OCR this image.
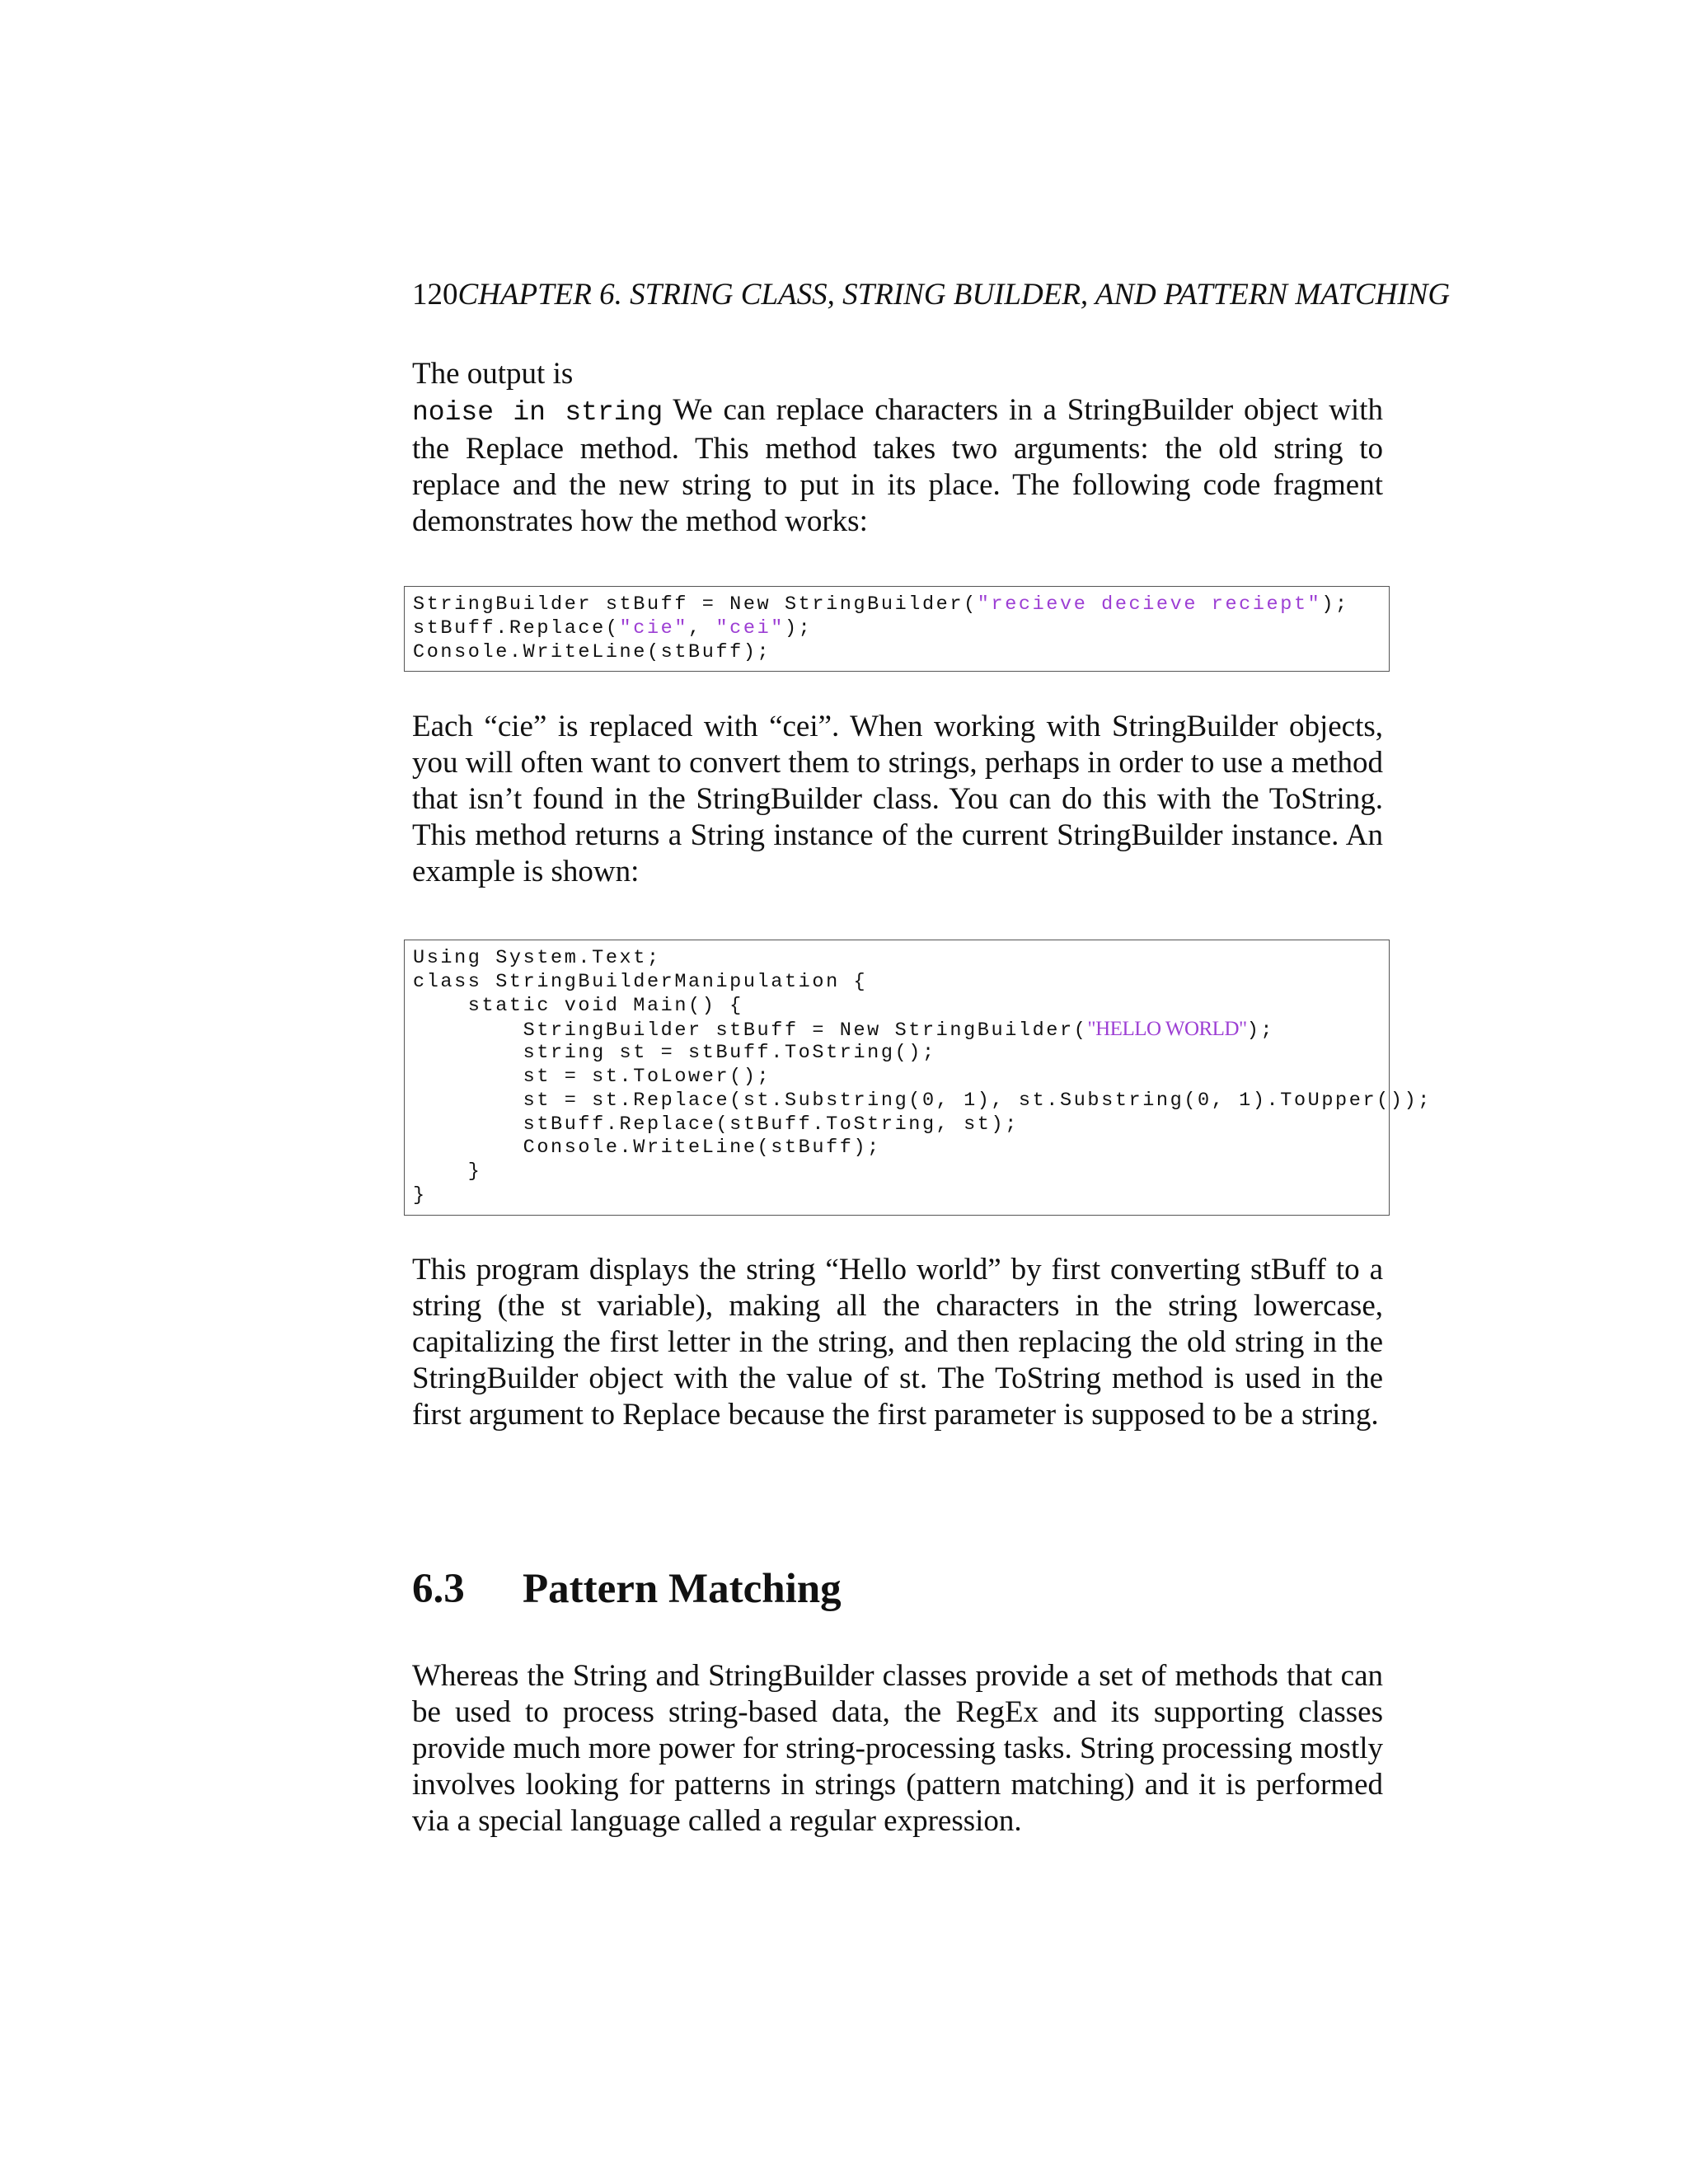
120CHAPTER 6. STRING CLASS, STRING BUILDER, AND PATTERN MATCHING

The output is

noise in string We can replace characters in a StringBuilder object with the Replace method. This method takes two arguments: the old string to replace and the new string to put in its place. The following code fragment demonstrates how the method works:

StringBuilder stBuff = New StringBuilder("recieve decieve reciept");
stBuff.Replace("cie", "cei");
Console.WriteLine(stBuff);

Each “cie” is replaced with “cei”. When working with StringBuilder objects, you will often want to convert them to strings, perhaps in order to use a method that isn’t found in the StringBuilder class. You can do this with the ToString. This method returns a String instance of the current StringBuilder instance. An example is shown:

Using System.Text;
class StringBuilderManipulation {
static void Main() {
StringBuilder stBuff = New StringBuilder("HELLO WORLD");
string st = stBuff.ToString();
st = st.ToLower();
st = st.Replace(st.Substring(0, 1), st.Substring(0, 1).ToUpper());
stBuff.Replace(stBuff.ToString, st);
Console.WriteLine(stBuff);
}
}

This program displays the string “Hello world” by first converting stBuff to a string (the st variable), making all the characters in the string lowercase, capitalizing the first letter in the string, and then replacing the old string in the StringBuilder object with the value of st. The ToString method is used in the first argument to Replace because the first parameter is supposed to be a string.

6.3 Pattern Matching

Whereas the String and StringBuilder classes provide a set of methods that can be used to process string-based data, the RegEx and its supporting classes provide much more power for string-processing tasks. String processing mostly involves looking for patterns in strings (pattern matching) and it is performed via a special language called a regular expression.
